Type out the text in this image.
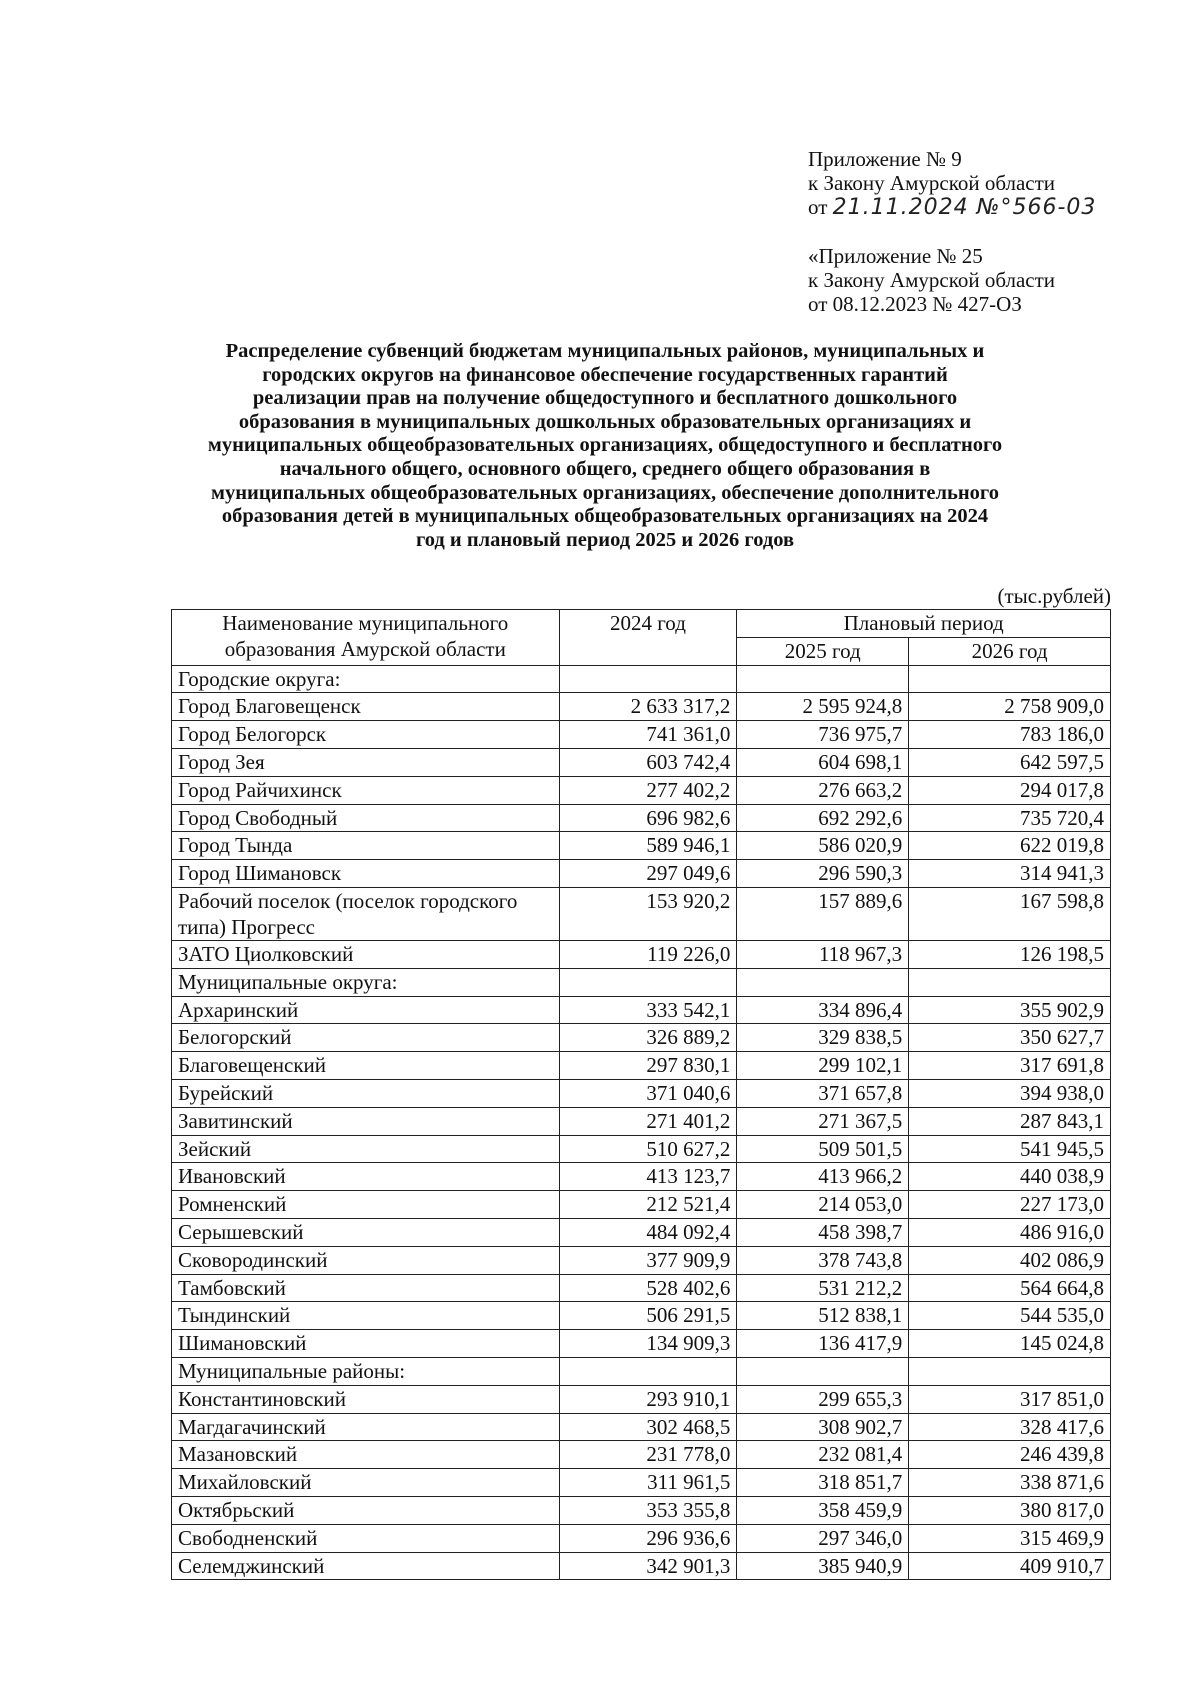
Приложение № 9
к Закону Амурской области
от 21.11.2024 №°566-03
«Приложение № 25
к Закону Амурской области
от 08.12.2023 № 427-ОЗ
Распределение субвенций бюджетам муниципальных районов, муниципальных и
городских округов на финансовое обеспечение государственных гарантий
реализации прав на получение общедоступного и бесплатного дошкольного
образования в муниципальных дошкольных образовательных организациях и
муниципальных общеобразовательных организациях, общедоступного и бесплатного
начального общего, основного общего, среднего общего образования в
муниципальных общеобразовательных организациях, обеспечение дополнительного
образования детей в муниципальных общеобразовательных организациях на 2024
год и плановый период 2025 и 2026 годов
(тыс.рублей)
Наименование муниципального
образования Амурской области	2024 год	Плановый период	
		2025 год	2026 год
Городские округа:			
Город Благовещенск	2 633 317,2	2 595 924,8	2 758 909,0
Город Белогорск	741 361,0	736 975,7	783 186,0
Город Зея	603 742,4	604 698,1	642 597,5
Город Райчихинск	277 402,2	276 663,2	294 017,8
Город Свободный	696 982,6	692 292,6	735 720,4
Город Тында	589 946,1	586 020,9	622 019,8
Город Шимановск	297 049,6	296 590,3	314 941,3
Рабочий поселок (поселок городского типа) Прогресс	153 920,2	157 889,6	167 598,8
ЗАТО Циолковский	119 226,0	118 967,3	126 198,5
Муниципальные округа:			
Архаринский	333 542,1	334 896,4	355 902,9
Белогорский	326 889,2	329 838,5	350 627,7
Благовещенский	297 830,1	299 102,1	317 691,8
Бурейский	371 040,6	371 657,8	394 938,0
Завитинский	271 401,2	271 367,5	287 843,1
Зейский	510 627,2	509 501,5	541 945,5
Ивановский	413 123,7	413 966,2	440 038,9
Ромненский	212 521,4	214 053,0	227 173,0
Серышевский	484 092,4	458 398,7	486 916,0
Сковородинский	377 909,9	378 743,8	402 086,9
Тамбовский	528 402,6	531 212,2	564 664,8
Тындинский	506 291,5	512 838,1	544 535,0
Шимановский	134 909,3	136 417,9	145 024,8
Муниципальные районы:			
Константиновский	293 910,1	299 655,3	317 851,0
Магдагачинский	302 468,5	308 902,7	328 417,6
Мазановский	231 778,0	232 081,4	246 439,8
Михайловский	311 961,5	318 851,7	338 871,6
Октябрьский	353 355,8	358 459,9	380 817,0
Свободненский	296 936,6	297 346,0	315 469,9
Селемджинский	342 901,3	385 940,9	409 910,7
